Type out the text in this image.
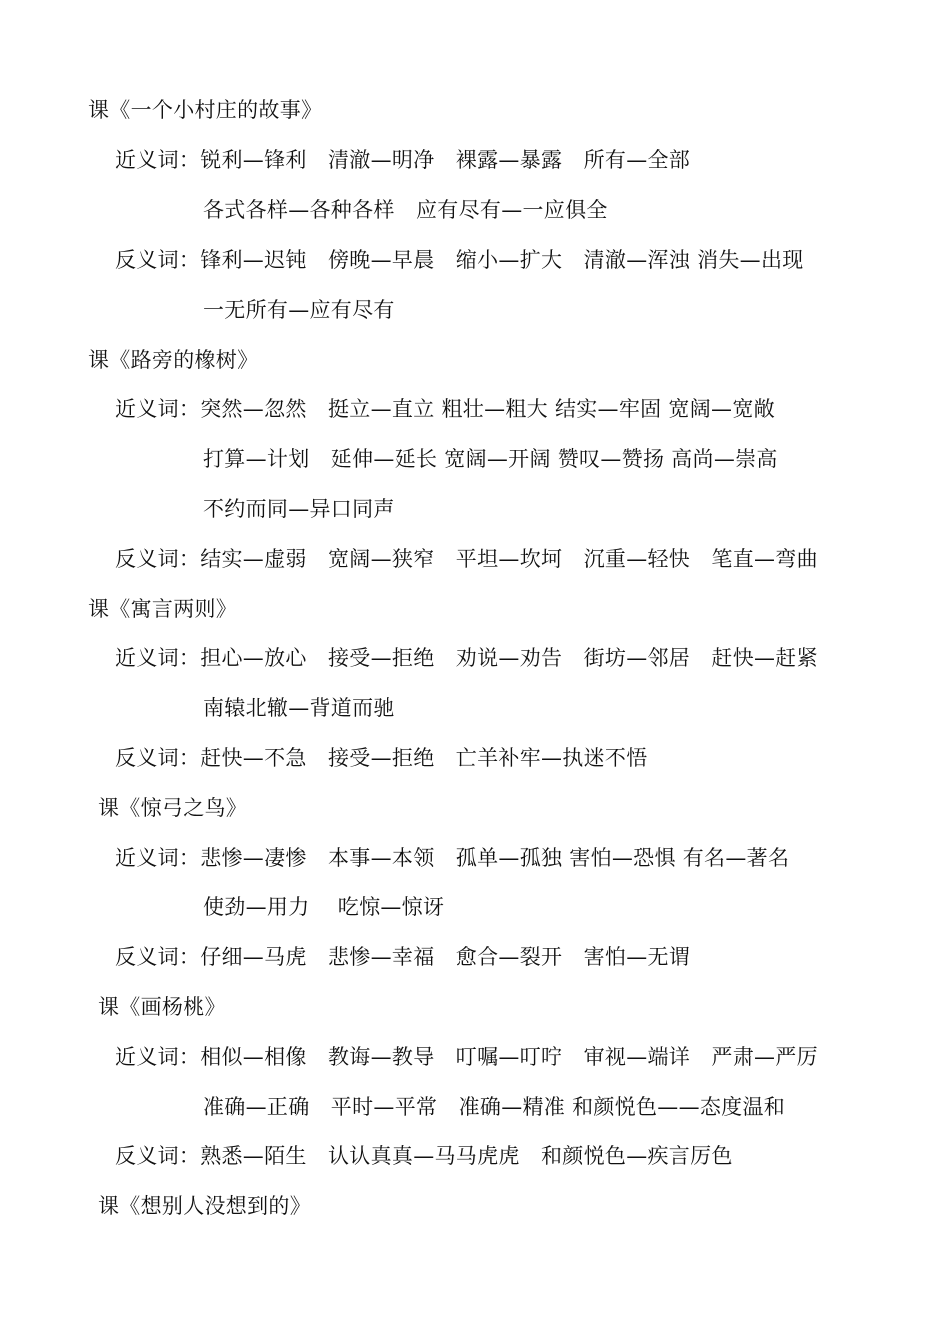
课《一个小村庄的故事》
近义词：锐利—锋利　清澈—明净　裸露—暴露　所有—全部
各式各样—各种各样　应有尽有—一应俱全
反义词：锋利—迟钝　傍晚—早晨　缩小—扩大　清澈—浑浊 消失—出现
一无所有—应有尽有
课《路旁的橡树》
近义词：突然—忽然　挺立—直立 粗壮—粗大 结实—牢固 宽阔—宽敞
打算—计划　延伸—延长 宽阔—开阔 赞叹—赞扬 高尚—崇高
不约而同—异口同声
反义词：结实—虚弱　宽阔—狭窄　平坦—坎坷　沉重—轻快　笔直—弯曲
课《寓言两则》
近义词：担心—放心　接受—拒绝　劝说—劝告　街坊—邻居　赶快—赶紧
南辕北辙—背道而驰
反义词：赶快—不急　接受—拒绝　亡羊补牢—执迷不悟
课《惊弓之鸟》
近义词：悲惨—凄惨　本事—本领　孤单—孤独 害怕—恐惧 有名—著名
使劲—用力　 吃惊—惊讶
反义词：仔细—马虎　悲惨—幸福　愈合—裂开　害怕—无谓
课《画杨桃》
近义词：相似—相像　教诲—教导　叮嘱—叮咛　审视—端详　严肃—严厉
准确—正确　平时—平常　准确—精准 和颜悦色——态度温和
反义词：熟悉—陌生　认认真真—马马虎虎　和颜悦色—疾言厉色
课《想别人没想到的》
